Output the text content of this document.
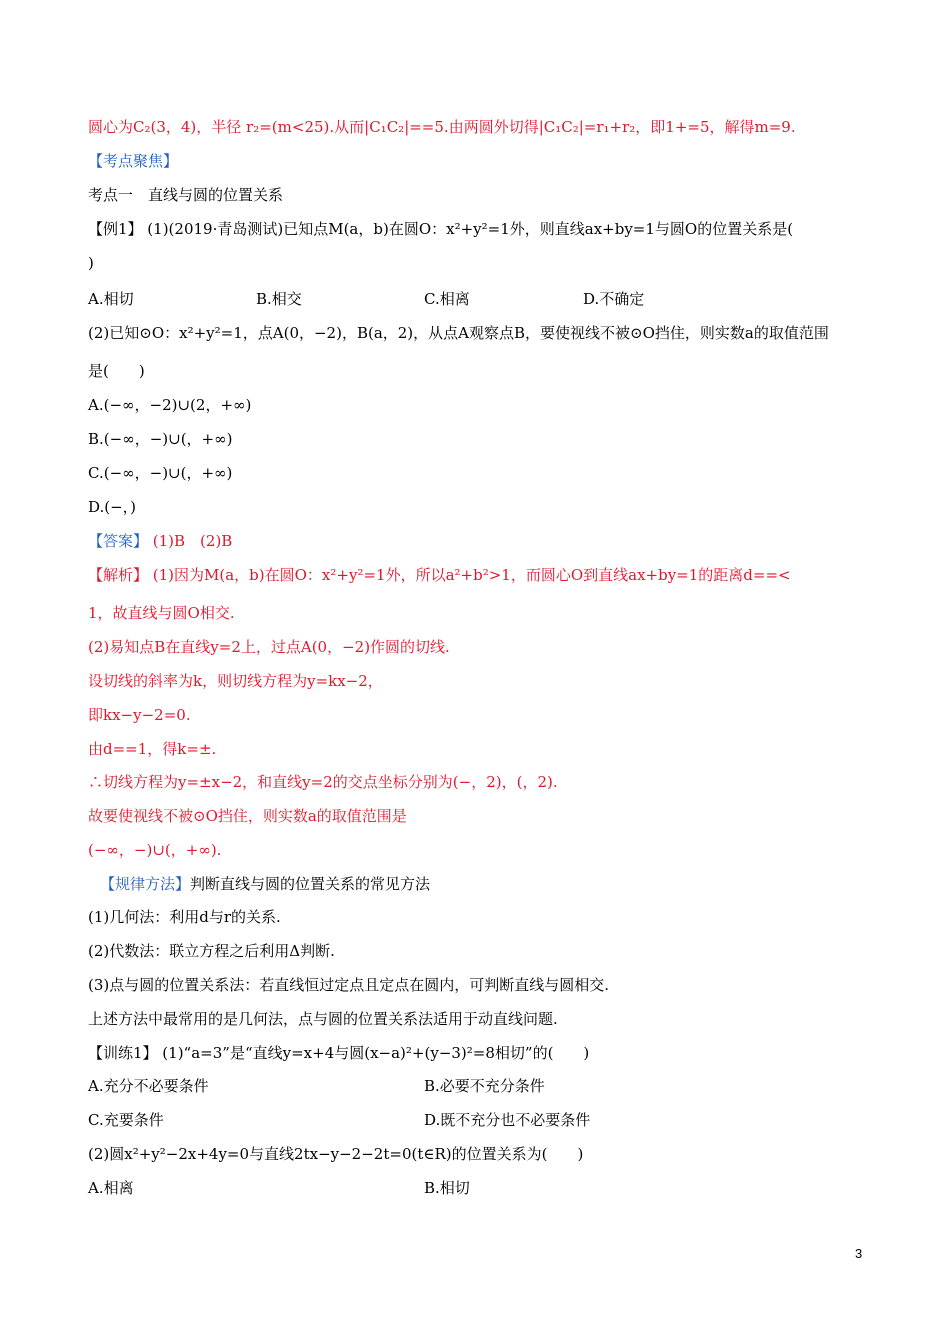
圆心为C₂(3，4)，半径 r₂=(m<25).从而|C₁C₂|==5.由两圆外切得|C₁C₂|=r₁+r₂，即1+=5，解得m=9.
【考点聚焦】
考点一　直线与圆的位置关系
【例1】 (1)(2019·青岛测试)已知点M(a，b)在圆O：x²+y²=1外，则直线ax+by=1与圆O的位置关系是(
)
A.相切	B.相交	C.相离	D.不确定
(2)已知⊙O：x²+y²=1，点A(0，−2)，B(a，2)，从点A观察点B，要使视线不被⊙O挡住，则实数a的取值范围
是(　　)
A.(−∞，−2)∪(2，+∞)
B.(−∞，−)∪(，+∞)
C.(−∞，−)∪(，+∞)
D.(−，)
【答案】 (1)B　(2)B
【解析】 (1)因为M(a，b)在圆O：x²+y²=1外，所以a²+b²>1，而圆心O到直线ax+by=1的距离d==<
1，故直线与圆O相交.
(2)易知点B在直线y=2上，过点A(0，−2)作圆的切线.
设切线的斜率为k，则切线方程为y=kx−2，
即kx−y−2=0.
由d==1，得k=±.
∴切线方程为y=±x−2，和直线y=2的交点坐标分别为(−，2)，(，2).
故要使视线不被⊙O挡住，则实数a的取值范围是
(−∞，−)∪(，+∞).
【规律方法】判断直线与圆的位置关系的常见方法
(1)几何法：利用d与r的关系.
(2)代数法：联立方程之后利用Δ判断.
(3)点与圆的位置关系法：若直线恒过定点且定点在圆内，可判断直线与圆相交.
上述方法中最常用的是几何法，点与圆的位置关系法适用于动直线问题.
【训练1】 (1)“a=3”是“直线y=x+4与圆(x−a)²+(y−3)²=8相切”的(　　)
A.充分不必要条件	B.必要不充分条件
C.充要条件	D.既不充分也不必要条件
(2)圆x²+y²−2x+4y=0与直线2tx−y−2−2t=0(t∈R)的位置关系为(　　)
A.相离	B.相切
3
